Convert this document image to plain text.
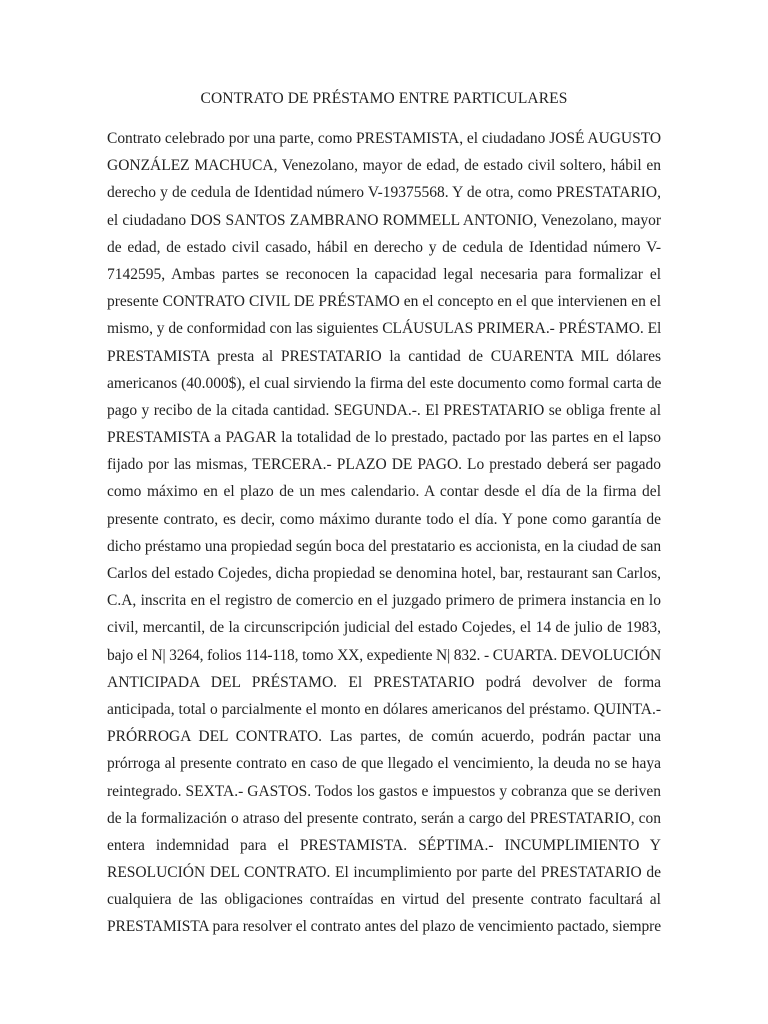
CONTRATO DE PRÉSTAMO ENTRE PARTICULARES
Contrato celebrado por una parte, como PRESTAMISTA, el ciudadano JOSÉ AUGUSTO
GONZÁLEZ MACHUCA, Venezolano, mayor de edad, de estado civil soltero, hábil en
derecho y de cedula de Identidad número V-19375568. Y de otra, como PRESTATARIO,
el ciudadano DOS SANTOS ZAMBRANO ROMMELL ANTONIO, Venezolano, mayor
de edad, de estado civil casado, hábil en derecho y de cedula de Identidad número V-
7142595, Ambas partes se reconocen la capacidad legal necesaria para formalizar el
presente CONTRATO CIVIL DE PRÉSTAMO en el concepto en el que intervienen en el
mismo, y de conformidad con las siguientes CLÁUSULAS PRIMERA.- PRÉSTAMO. El
PRESTAMISTA presta al PRESTATARIO la cantidad de CUARENTA MIL dólares
americanos (40.000$), el cual sirviendo la firma del este documento como formal carta de
pago y recibo de la citada cantidad. SEGUNDA.-. El PRESTATARIO se obliga frente al
PRESTAMISTA a PAGAR la totalidad de lo prestado, pactado por las partes en el lapso
fijado por las mismas, TERCERA.- PLAZO DE PAGO. Lo prestado deberá ser pagado
como máximo en el plazo de un mes calendario. A contar desde el día de la firma del
presente contrato, es decir, como máximo durante todo el día. Y pone como garantía de
dicho préstamo una propiedad según boca del prestatario es accionista, en la ciudad de san
Carlos del estado Cojedes, dicha propiedad se denomina hotel, bar, restaurant san Carlos,
C.A, inscrita en el registro de comercio en el juzgado primero de primera instancia en lo
civil, mercantil, de la circunscripción judicial del estado Cojedes, el 14 de julio de 1983,
bajo el N| 3264, folios 114-118, tomo XX, expediente N| 832. - CUARTA. DEVOLUCIÓN
ANTICIPADA DEL PRÉSTAMO. El PRESTATARIO podrá devolver de forma
anticipada, total o parcialmente el monto en dólares americanos del préstamo. QUINTA.-
PRÓRROGA DEL CONTRATO. Las partes, de común acuerdo, podrán pactar una
prórroga al presente contrato en caso de que llegado el vencimiento, la deuda no se haya
reintegrado. SEXTA.- GASTOS. Todos los gastos e impuestos y cobranza que se deriven
de la formalización o atraso del presente contrato, serán a cargo del PRESTATARIO, con
entera indemnidad para el PRESTAMISTA. SÉPTIMA.- INCUMPLIMIENTO Y
RESOLUCIÓN DEL CONTRATO. El incumplimiento por parte del PRESTATARIO de
cualquiera de las obligaciones contraídas en virtud del presente contrato facultará al
PRESTAMISTA para resolver el contrato antes del plazo de vencimiento pactado, siempre
